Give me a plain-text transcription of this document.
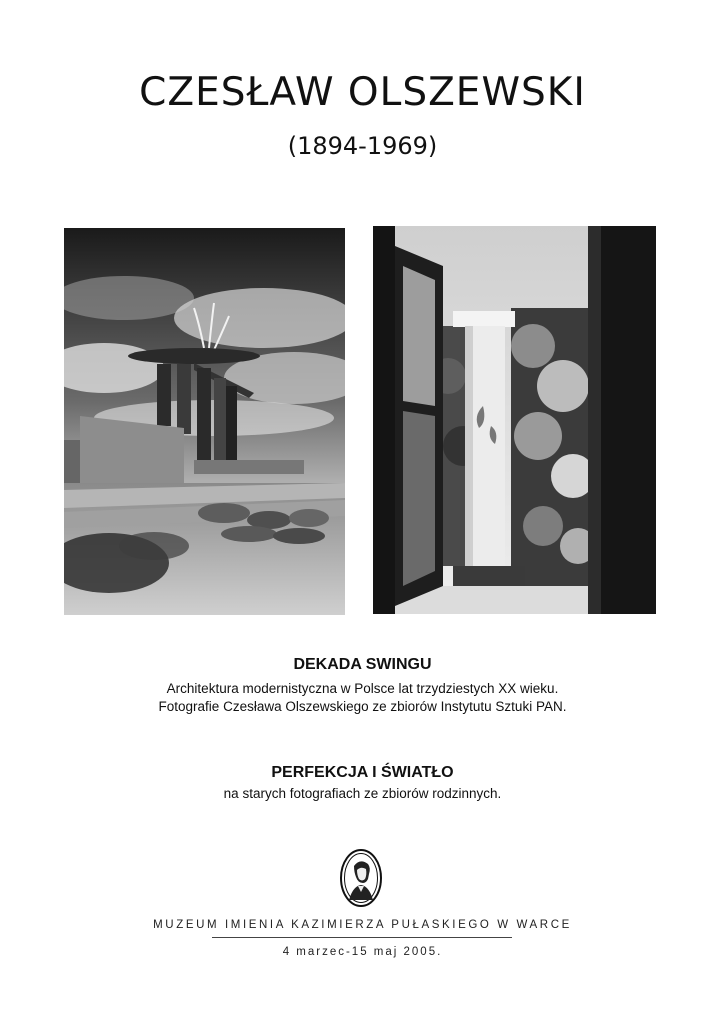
CZESŁAW OLSZEWSKI
(1894-1969)
DEKADA SWINGU
Architektura modernistyczna w Polsce lat trzydziestych XX wieku.
Fotografie Czesława Olszewskiego ze zbiorów Instytutu Sztuki PAN.
PERFEKCJA I ŚWIATŁO
na starych fotografiach ze zbiorów rodzinnych.
MUZEUM IMIENIA KAZIMIERZA PUŁASKIEGO W WARCE
4 marzec-15 maj 2005.
